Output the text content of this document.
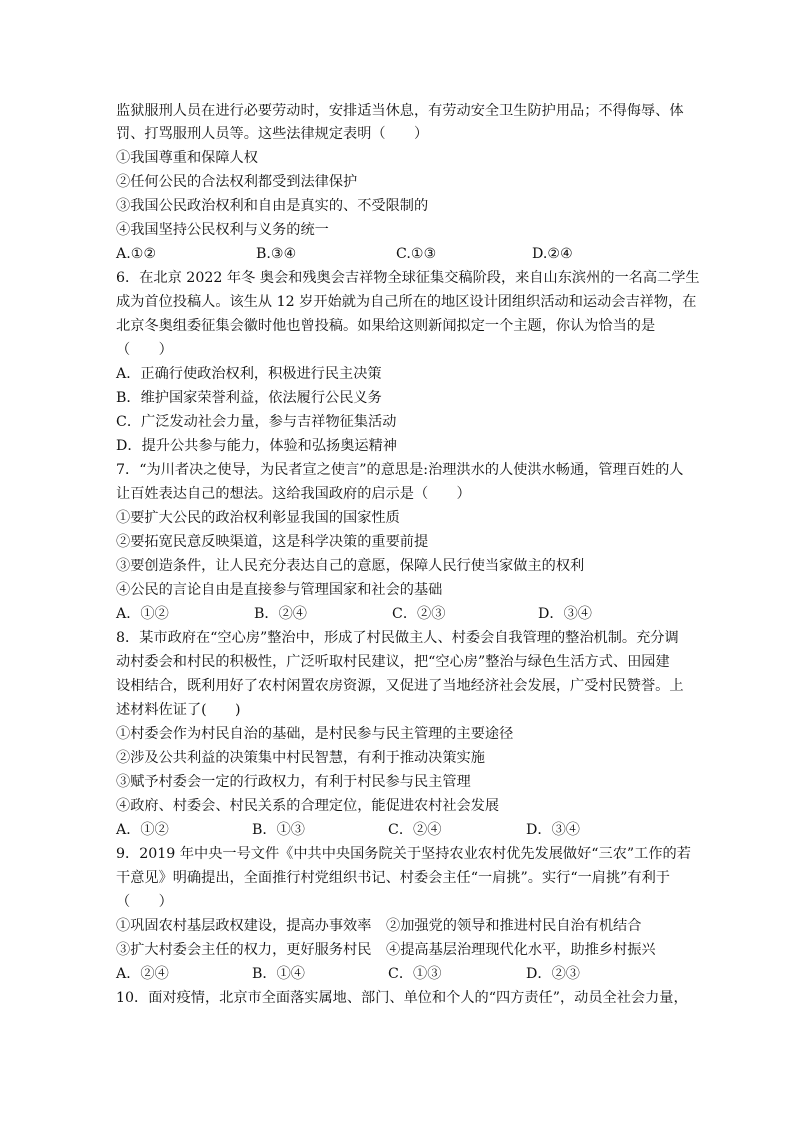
监狱服刑人员在进行必要劳动时，安排适当休息，有劳动安全卫生防护用品；不得侮辱、体
罚、打骂服刑人员等。这些法律规定表明（　　）
①我国尊重和保障人权
②任何公民的合法权利都受到法律保护
③我国公民政治权利和自由是真实的、不受限制的
④我国坚持公民权利与义务的统一
A.①②	B.③④	C.①③	D.②④
6．在北京 2022 年冬 奥会和残奥会吉祥物全球征集交稿阶段，来自山东滨州的一名高二学生
成为首位投稿人。该生从 12 岁开始就为自己所在的地区设计团组织活动和运动会吉祥物，在
北京冬奥组委征集会徽时他也曾投稿。如果给这则新闻拟定一个主题，你认为恰当的是
（　　）
A．正确行使政治权利，积极进行民主决策
B．维护国家荣誉利益，依法履行公民义务
C．广泛发动社会力量，参与吉祥物征集活动
D．提升公共参与能力，体验和弘扬奥运精神
7．“为川者决之使导，为民者宣之使言”的意思是:治理洪水的人使洪水畅通，管理百姓的人
让百姓表达自己的想法。这给我国政府的启示是（　　）
①要扩大公民的政治权利彰显我国的国家性质
②要拓宽民意反映渠道，这是科学决策的重要前提
③要创造条件，让人民充分表达自己的意愿，保障人民行使当家做主的权利
④公民的言论自由是直接参与管理国家和社会的基础
A．①②	B．②④	C．②③	D．③④
8．某市政府在“空心房”整治中，形成了村民做主人、村委会自我管理的整治机制。充分调
动村委会和村民的积极性，广泛听取村民建议，把“空心房”整治与绿色生活方式、田园建
设相结合，既利用好了农村闲置农房资源，又促进了当地经济社会发展，广受村民赞誉。上
述材料佐证了(　　)
①村委会作为村民自治的基础，是村民参与民主管理的主要途径
②涉及公共利益的决策集中村民智慧，有利于推动决策实施
③赋予村委会一定的行政权力，有利于村民参与民主管理
④政府、村委会、村民关系的合理定位，能促进农村社会发展
A．①②	B．①③	C．②④	D．③④
9．2019 年中央一号文件《中共中央国务院关于坚持农业农村优先发展做好“三农”工作的若
干意见》明确提出，全面推行村党组织书记、村委会主任“一肩挑”。实行“一肩挑”有利于
（　　）
①巩固农村基层政权建设，提高办事效率 ②加强党的领导和推进村民自治有机结合
③扩大村委会主任的权力，更好服务村民 ④提高基层治理现代化水平，助推乡村振兴
A．②④	B．①④	C．①③	D．②③
10．面对疫情，北京市全面落实属地、部门、单位和个人的“四方责任”，动员全社会力量，
